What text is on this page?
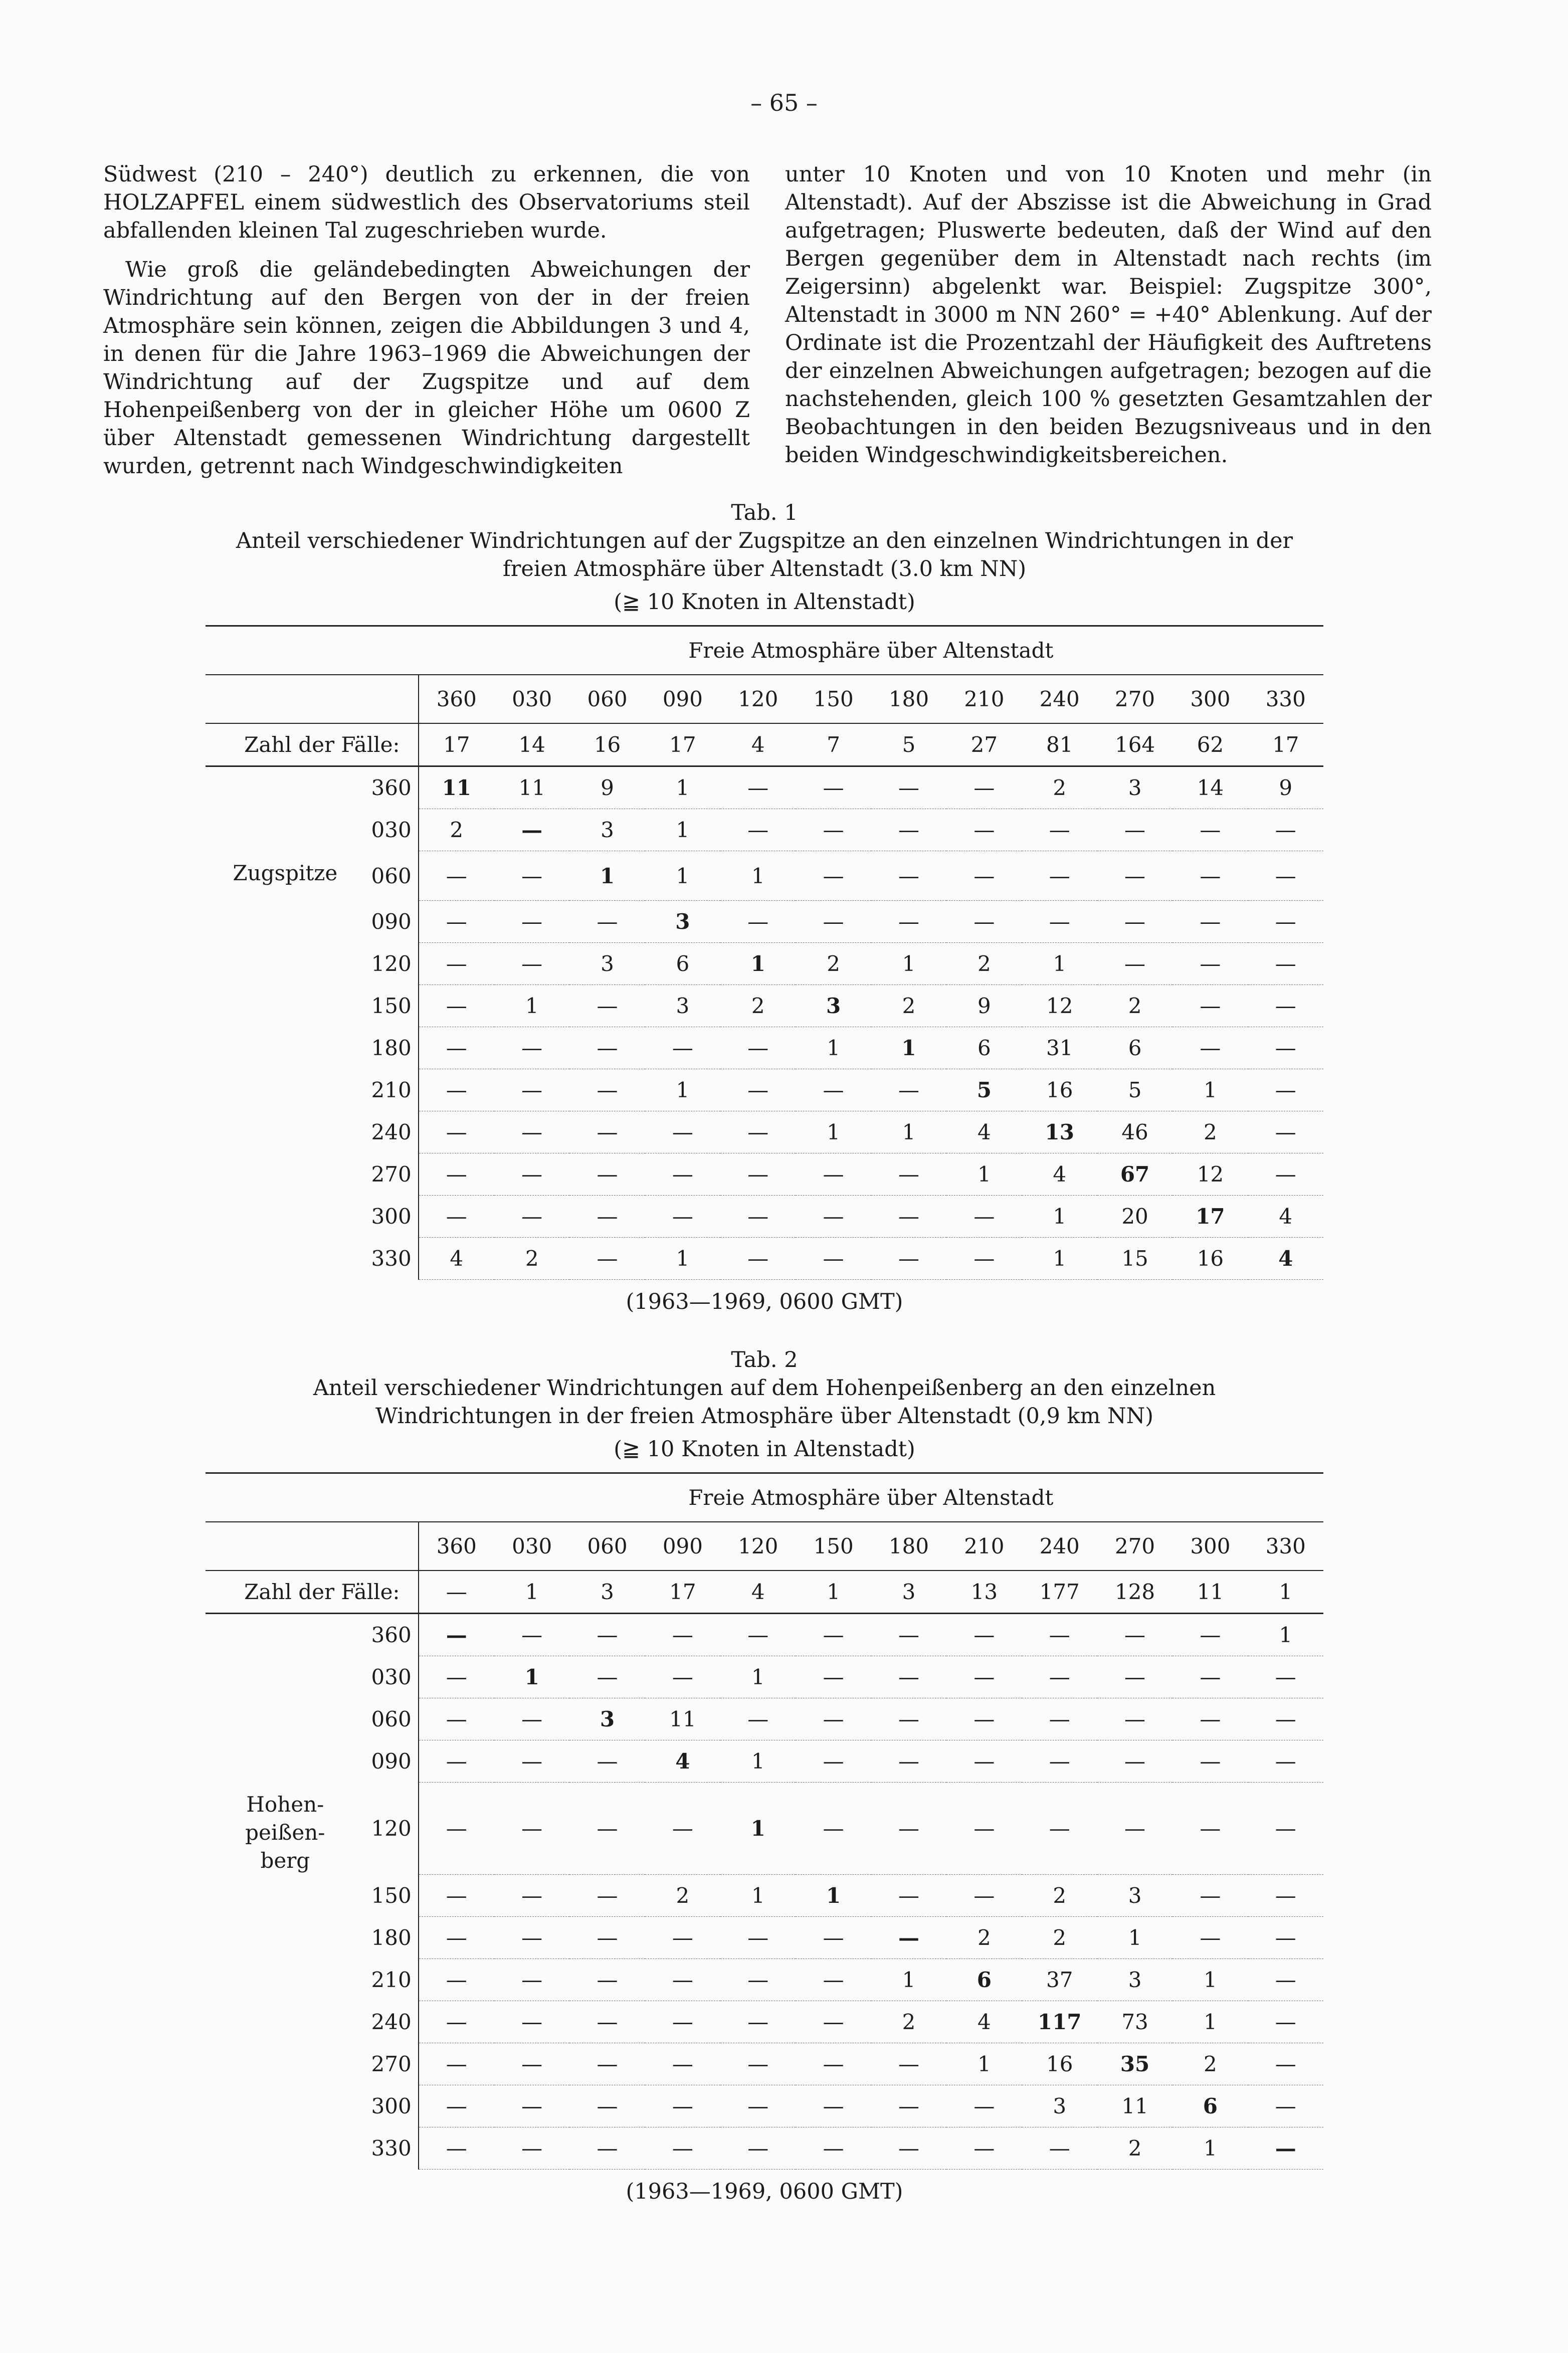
– 65 –

Südwest (210 – 240°) deutlich zu erkennen, die von HOLZAPFEL einem südwestlich des Observatoriums steil abfallenden kleinen Tal zugeschrieben wurde.

Wie groß die geländebedingten Abweichungen der Windrichtung auf den Bergen von der in der freien Atmosphäre sein können, zeigen die Abbildungen 3 und 4, in denen für die Jahre 1963–1969 die Abweichungen der Windrichtung auf der Zugspitze und auf dem Hohenpeißenberg von der in gleicher Höhe um 0600 Z über Altenstadt gemessenen Windrichtung dargestellt wurden, getrennt nach Windgeschwindigkeiten

unter 10 Knoten und von 10 Knoten und mehr (in Altenstadt). Auf der Abszisse ist die Abweichung in Grad aufgetragen; Pluswerte bedeuten, daß der Wind auf den Bergen gegenüber dem in Altenstadt nach rechts (im Zeigersinn) abgelenkt war. Beispiel: Zugspitze 300°, Altenstadt in 3000 m NN 260° = +40° Ablenkung. Auf der Ordinate ist die Prozentzahl der Häufigkeit des Auftretens der einzelnen Abweichungen aufgetragen; bezogen auf die nachstehenden, gleich 100 % gesetzten Gesamtzahlen der Beobachtungen in den beiden Bezugsniveaus und in den beiden Windgeschwindigkeitsbereichen.

Tab. 1
Anteil verschiedener Windrichtungen auf der Zugspitze an den einzelnen Windrichtungen in der freien Atmosphäre über Altenstadt (3.0 km NN)
(≧ 10 Knoten in Altenstadt)
		Freie Atmosphäre über Altenstadt											
		360	030	060	090	120	150	180	210	240	270	300	330
Zahl der Fälle:		17	14	16	17	4	7	5	27	81	164	62	17
	360	11	11	9	1	—	—	—	—	2	3	14	9
	030	2	—	3	1	—	—	—	—	—	—	—	—

Zugspitze	060	—	—	1	1	1	—	—	—	—	—	—	—
	090	—	—	—	3	—	—	—	—	—	—	—	—
	120	—	—	3	6	1	2	1	2	1	—	—	—
	150	—	1	—	3	2	3	2	9	12	2	—	—
	180	—	—	—	—	—	1	1	6	31	6	—	—
	210	—	—	—	1	—	—	—	5	16	5	1	—
	240	—	—	—	—	—	1	1	4	13	46	2	—
	270	—	—	—	—	—	—	—	1	4	67	12	—
	300	—	—	—	—	—	—	—	—	1	20	17	4
	330	4	2	—	1	—	—	—	—	1	15	16	4
(1963—1969, 0600 GMT)
Tab. 2
Anteil verschiedener Windrichtungen auf dem Hohenpeißenberg an den einzelnen Windrichtungen in der freien Atmosphäre über Altenstadt (0,9 km NN)
(≧ 10 Knoten in Altenstadt)
		Freie Atmosphäre über Altenstadt											
		360	030	060	090	120	150	180	210	240	270	300	330
Zahl der Fälle:		—	1	3	17	4	1	3	13	177	128	11	1
	360	—	—	—	—	—	—	—	—	—	—	—	1
	030	—	1	—	—	1	—	—	—	—	—	—	—
	060	—	—	3	11	—	—	—	—	—	—	—	—
	090	—	—	—	4	1	—	—	—	—	—	—	—

Hohen-
peißen-
berg	120	—	—	—	—	1	—	—	—	—	—	—	—
	150	—	—	—	2	1	1	—	—	2	3	—	—
	180	—	—	—	—	—	—	—	2	2	1	—	—
	210	—	—	—	—	—	—	1	6	37	3	1	—
	240	—	—	—	—	—	—	2	4	117	73	1	—
	270	—	—	—	—	—	—	—	1	16	35	2	—
	300	—	—	—	—	—	—	—	—	3	11	6	—
	330	—	—	—	—	—	—	—	—	—	2	1	—
(1963—1969, 0600 GMT)
